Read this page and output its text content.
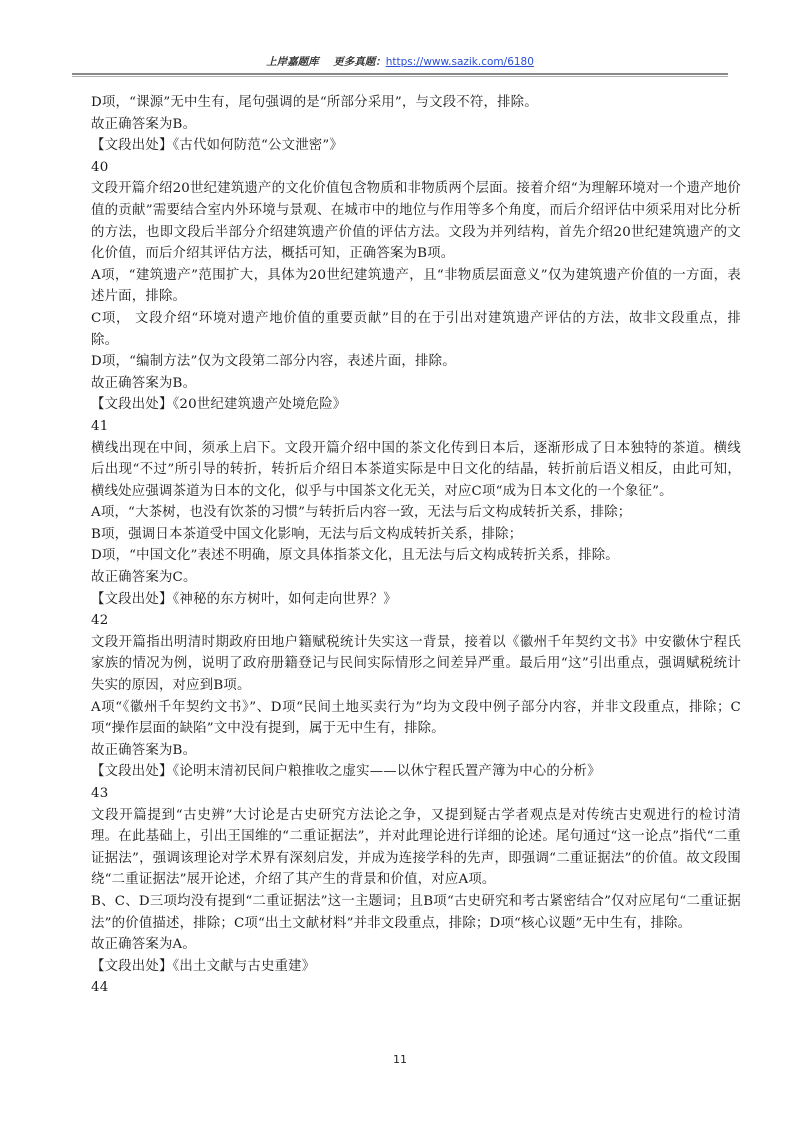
上岸嘉题库 更多真题：https://www.sazik.com/6180

D项，“课源”无中生有，尾句强调的是“所部分采用”，与文段不符，排除。

故正确答案为B。

【文段出处】《古代如何防范“公文泄密”》

40

文段开篇介绍20世纪建筑遗产的文化价值包含物质和非物质两个层面。接着介绍“为理解环境对一个遗产地价值的贡献”需要结合室内外环境与景观、在城市中的地位与作用等多个角度，而后介绍评估中须采用对比分析的方法，也即文段后半部分介绍建筑遗产价值的评估方法。文段为并列结构，首先介绍20世纪建筑遗产的文化价值，而后介绍其评估方法，概括可知，正确答案为B项。

A项，“建筑遗产”范围扩大，具体为20世纪建筑遗产，且“非物质层面意义”仅为建筑遗产价值的一方面，表述片面，排除。

C项， 文段介绍“环境对遗产地价值的重要贡献”目的在于引出对建筑遗产评估的方法，故非文段重点，排除。

D项，“编制方法”仅为文段第二部分内容，表述片面，排除。

故正确答案为B。

【文段出处】《20世纪建筑遗产处境危险》

41

横线出现在中间，须承上启下。文段开篇介绍中国的茶文化传到日本后，逐渐形成了日本独特的茶道。横线后出现“不过”所引导的转折，转折后介绍日本茶道实际是中日文化的结晶，转折前后语义相反，由此可知，横线处应强调茶道为日本的文化，似乎与中国茶文化无关，对应C项“成为日本文化的一个象征”。

A项，“大茶树，也没有饮茶的习惯”与转折后内容一致，无法与后文构成转折关系，排除；

B项，强调日本茶道受中国文化影响，无法与后文构成转折关系，排除；

D项，“中国文化”表述不明确，原文具体指茶文化，且无法与后文构成转折关系，排除。

故正确答案为C。

【文段出处】《神秘的东方树叶，如何走向世界？》

42

文段开篇指出明清时期政府田地户籍赋税统计失实这一背景，接着以《徽州千年契约文书》中安徽休宁程氏家族的情况为例，说明了政府册籍登记与民间实际情形之间差异严重。最后用“这”引出重点，强调赋税统计失实的原因，对应到B项。

A项“《徽州千年契约文书》”、D项“民间土地买卖行为”均为文段中例子部分内容，并非文段重点，排除；C项“操作层面的缺陷”文中没有提到，属于无中生有，排除。

故正确答案为B。

【文段出处】《论明末清初民间户粮推收之虚实——以休宁程氏置产簿为中心的分析》

43

文段开篇提到“古史辨”大讨论是古史研究方法论之争，又提到疑古学者观点是对传统古史观进行的检讨清理。在此基础上，引出王国维的“二重证据法”，并对此理论进行详细的论述。尾句通过“这一论点”指代“二重证据法”，强调该理论对学术界有深刻启发，并成为连接学科的先声，即强调“二重证据法”的价值。故文段围绕“二重证据法”展开论述，介绍了其产生的背景和价值，对应A项。

B、C、D三项均没有提到“二重证据法”这一主题词；且B项“古史研究和考古紧密结合”仅对应尾句“二重证据法”的价值描述，排除；C项“出土文献材料”并非文段重点，排除；D项“核心议题”无中生有，排除。

故正确答案为A。

【文段出处】《出土文献与古史重建》

44

11
